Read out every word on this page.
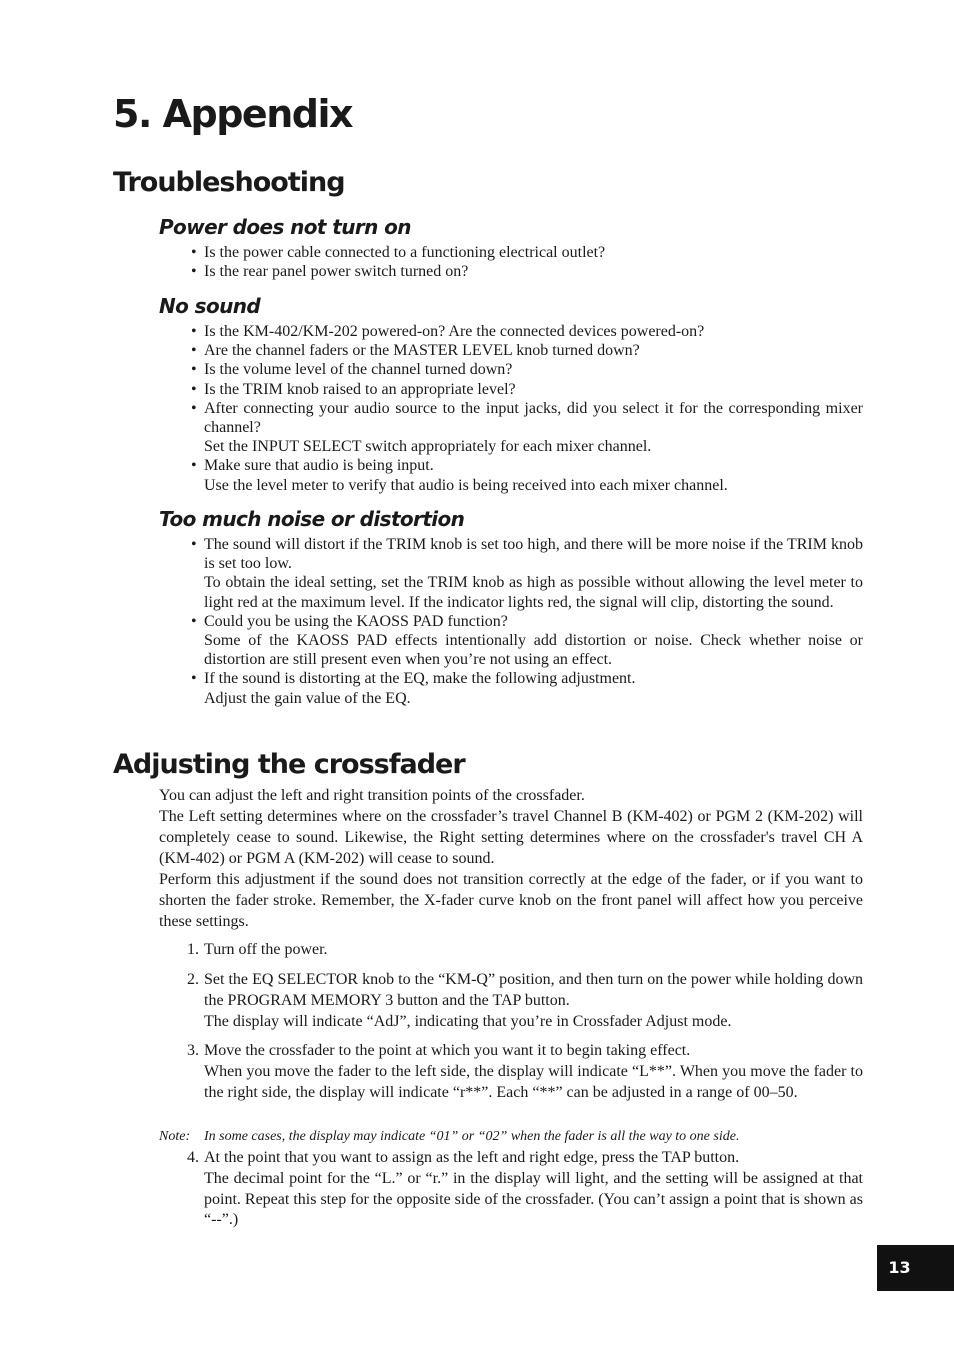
5. Appendix
Troubleshooting
Power does not turn on
• Is the power cable connected to a functioning electrical outlet?
• Is the rear panel power switch turned on?
No sound
• Is the KM-402/KM-202 powered-on? Are the connected devices powered-on?
• Are the channel faders or the MASTER LEVEL knob turned down?
• Is the volume level of the channel turned down?
• Is the TRIM knob raised to an appropriate level?
• After connecting your audio source to the input jacks, did you select it for the corresponding mixer channel?
Set the INPUT SELECT switch appropriately for each mixer channel.
• Make sure that audio is being input.
Use the level meter to verify that audio is being received into each mixer channel.
Too much noise or distortion
• The sound will distort if the TRIM knob is set too high, and there will be more noise if the TRIM knob is set too low.
To obtain the ideal setting, set the TRIM knob as high as possible without allowing the level meter to light red at the maximum level. If the indicator lights red, the signal will clip, distorting the sound.
• Could you be using the KAOSS PAD function?
Some of the KAOSS PAD effects intentionally add distortion or noise. Check whether noise or distortion are still present even when you’re not using an effect.
• If the sound is distorting at the EQ, make the following adjustment.
Adjust the gain value of the EQ.
Adjusting the crossfader
You can adjust the left and right transition points of the crossfader.
The Left setting determines where on the crossfader’s travel Channel B (KM-402) or PGM 2 (KM-202) will completely cease to sound. Likewise, the Right setting determines where on the crossfader's travel CH A (KM-402) or PGM A (KM-202) will cease to sound.
Perform this adjustment if the sound does not transition correctly at the edge of the fader, or if you want to shorten the fader stroke. Remember, the X-fader curve knob on the front panel will affect how you perceive these settings.
1. Turn off the power.
2. Set the EQ SELECTOR knob to the “KM-Q” position, and then turn on the power while holding down the PROGRAM MEMORY 3 button and the TAP button.
The display will indicate “AdJ”, indicating that you’re in Crossfader Adjust mode.
3. Move the crossfader to the point at which you want it to begin taking effect.
When you move the fader to the left side, the display will indicate “L**”. When you move the fader to the right side, the display will indicate “r**”. Each “**” can be adjusted in a range of 00–50.

Note: In some cases, the display may indicate “01” or “02” when the fader is all the way to one side.

4. At the point that you want to assign as the left and right edge, press the TAP button.
The decimal point for the “L.” or “r.” in the display will light, and the setting will be assigned at that point. Repeat this step for the opposite side of the crossfader. (You can’t assign a point that is shown as “--”.)
13
